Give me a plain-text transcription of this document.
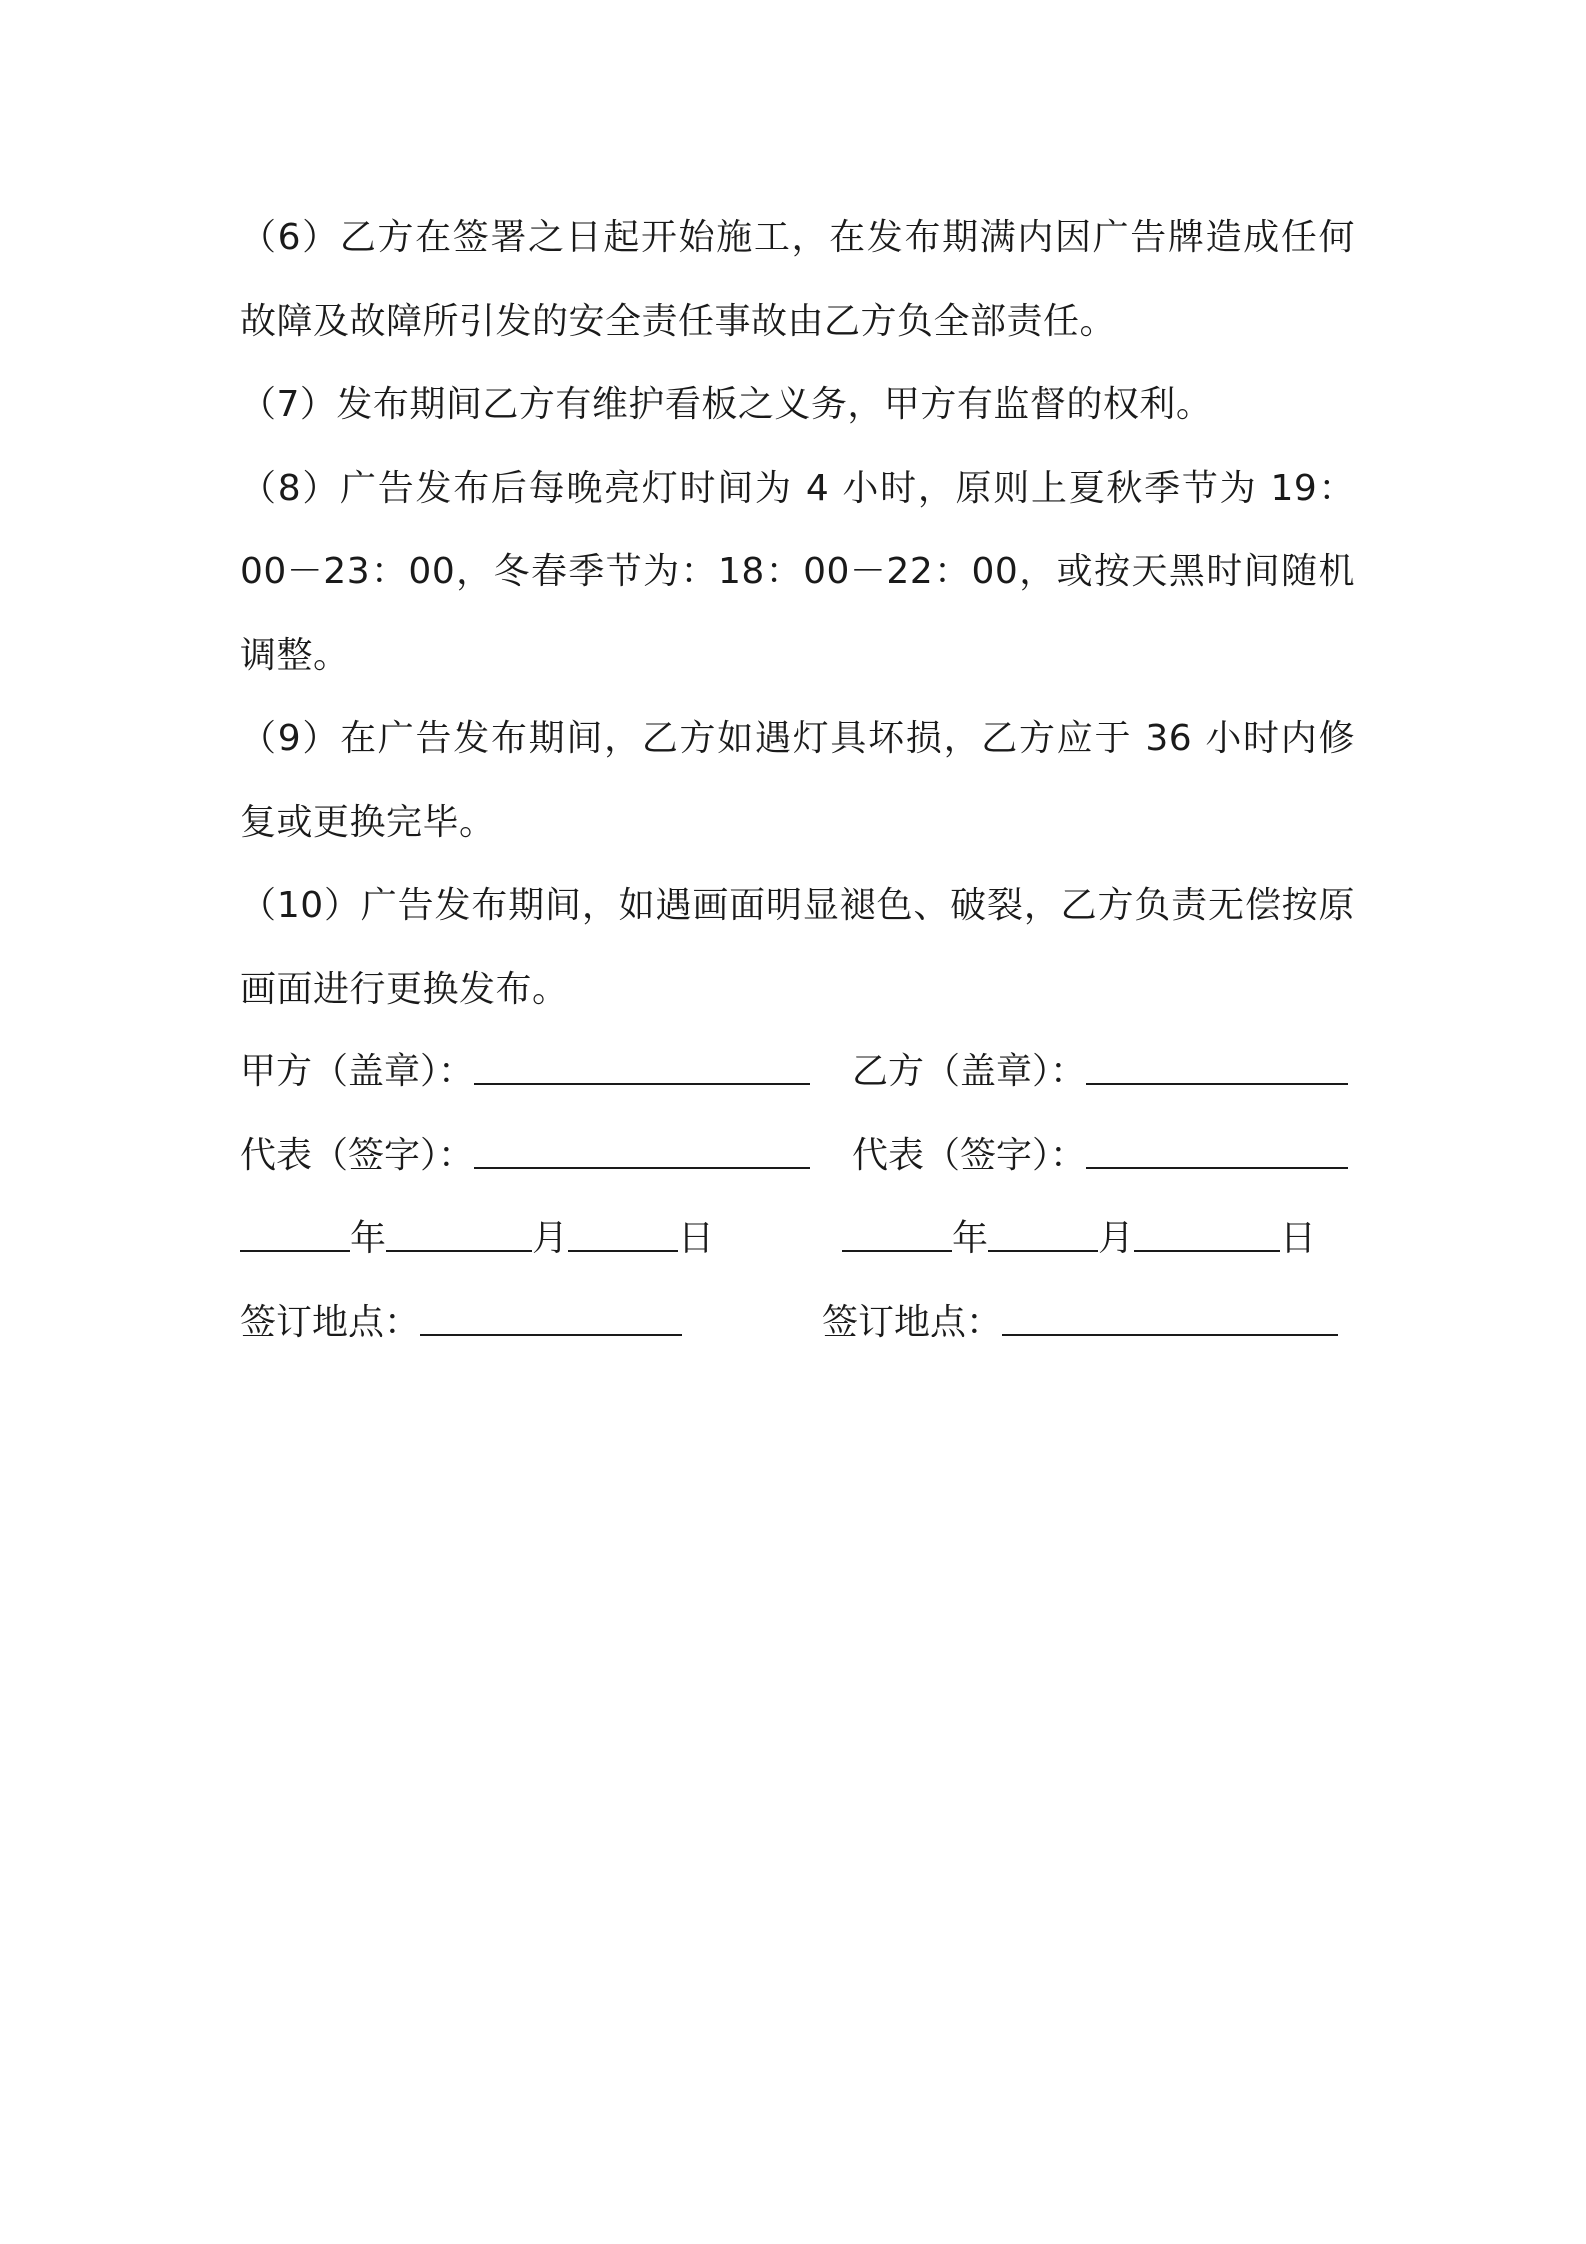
（6）乙方在签署之日起开始施工，在发布期满内因广告牌造成任何故障及故障所引发的安全责任事故由乙方负全部责任。

（7）发布期间乙方有维护看板之义务，甲方有监督的权利。

（8）广告发布后每晚亮灯时间为 4 小时，原则上夏秋季节为 19：00－23：00，冬春季节为：18：00－22：00，或按天黑时间随机调整。

（9）在广告发布期间，乙方如遇灯具坏损，乙方应于 36 小时内修复或更换完毕。

（10）广告发布期间，如遇画面明显褪色、破裂，乙方负责无偿按原画面进行更换发布。

甲方（盖章）：	乙方（盖章）：
代表（签字）：	代表（签字）：
年	月	日	年	月	日
签订地点：	签订地点：
